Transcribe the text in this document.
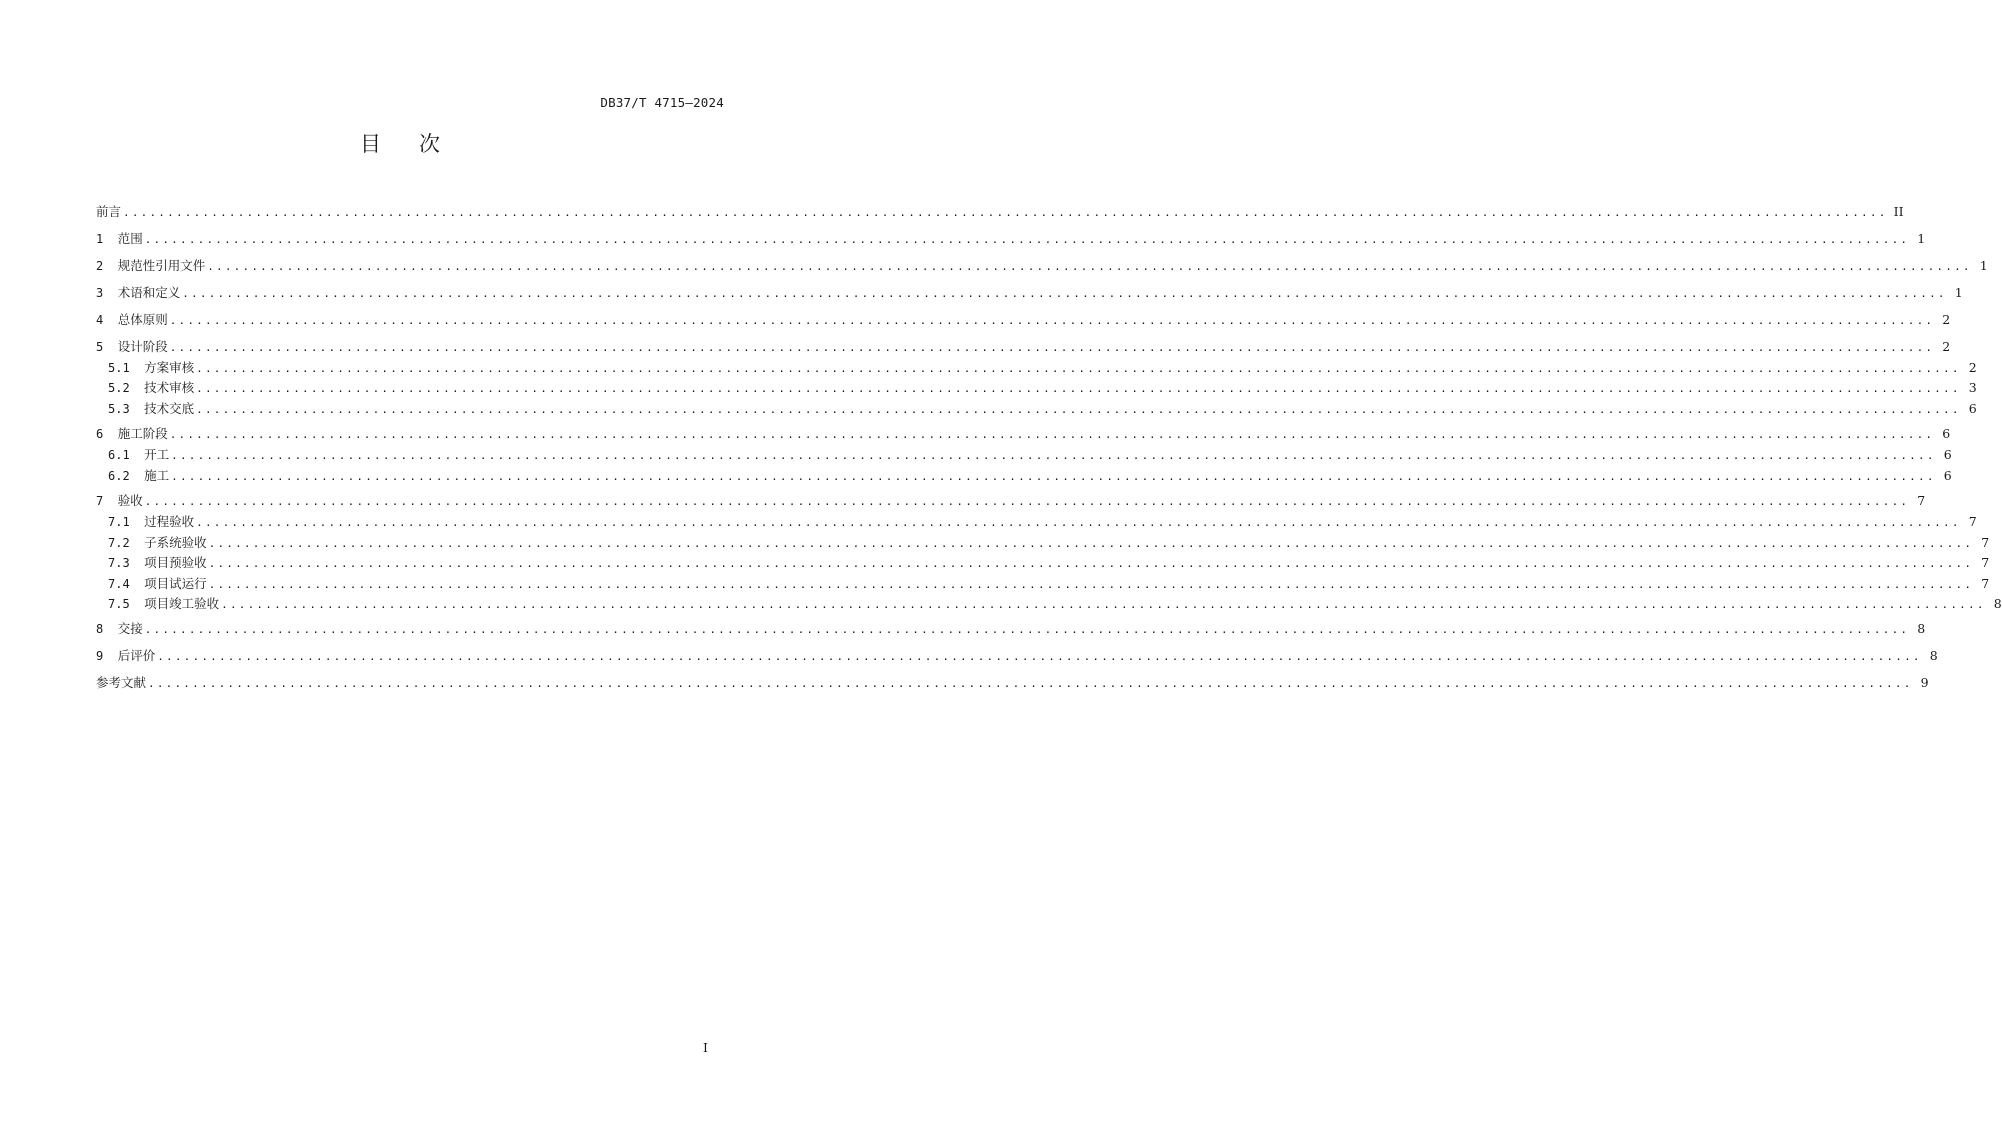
DB37/T 4715—2024
目次
前言 ........................................................................................................................................................................................................ II
1 范围 ........................................................................................................................................................................................................ 1
2 规范性引用文件 ........................................................................................................................................................................................................ 1
3 术语和定义 ........................................................................................................................................................................................................ 1
4 总体原则 ........................................................................................................................................................................................................ 2
5 设计阶段 ........................................................................................................................................................................................................ 2
5.1 方案审核 ........................................................................................................................................................................................................ 2
5.2 技术审核 ........................................................................................................................................................................................................ 3
5.3 技术交底 ........................................................................................................................................................................................................ 6
6 施工阶段 ........................................................................................................................................................................................................ 6
6.1 开工 ........................................................................................................................................................................................................ 6
6.2 施工 ........................................................................................................................................................................................................ 6
7 验收 ........................................................................................................................................................................................................ 7
7.1 过程验收 ........................................................................................................................................................................................................ 7
7.2 子系统验收 ........................................................................................................................................................................................................ 7
7.3 项目预验收 ........................................................................................................................................................................................................ 7
7.4 项目试运行 ........................................................................................................................................................................................................ 7
7.5 项目竣工验收 ........................................................................................................................................................................................................ 8
8 交接 ........................................................................................................................................................................................................ 8
9 后评价 ........................................................................................................................................................................................................ 8
参考文献 ........................................................................................................................................................................................................ 9
I
